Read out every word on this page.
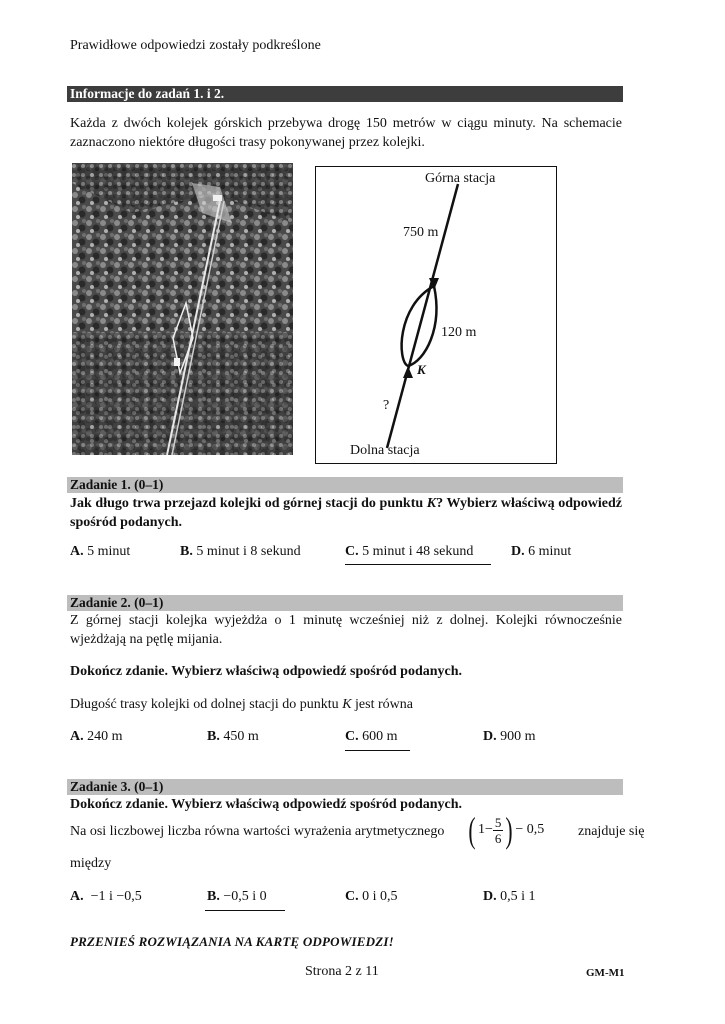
Prawidłowe odpowiedzi zostały podkreślone
Informacje do zadań 1. i 2.
Każda z dwóch kolejek górskich przebywa drogę 150 metrów w ciągu minuty. Na schemacie zaznaczono niektóre długości trasy pokonywanej przez kolejki.
Górna stacja
750 m
120 m
K
?
Dolna stacja
Zadanie 1. (0–1)
Jak długo trwa przejazd kolejki od górnej stacji do punktu K? Wybierz właściwą odpowiedź spośród podanych.
A. 5 minut	B. 5 minut i 8 sekund	C. 5 minut i 48 sekund	D. 6 minut
Zadanie 2. (0–1)
Z górnej stacji kolejka wyjeżdża o 1 minutę wcześniej niż z dolnej. Kolejki równocześnie wjeżdżają na pętlę mijania.
Dokończ zdanie. Wybierz właściwą odpowiedź spośród podanych.
Długość trasy kolejki od dolnej stacji do punktu K jest równa
A. 240 m	B. 450 m	C. 600 m	D. 900 m
Zadanie 3. (0–1)
Dokończ zdanie. Wybierz właściwą odpowiedź spośród podanych.
Na osi liczbowej liczba równa wartości wyrażenia arytmetycznego ( $1 - \frac{5}{6}$ ) − 0,5 znajduje się
między
A. −1 i −0,5	B. −0,5 i 0	C. 0 i 0,5	D. 0,5 i 1
PRZENIEŚ ROZWIĄZANIA NA KARTĘ ODPOWIEDZI!
Strona 2 z 11	GM-M1
